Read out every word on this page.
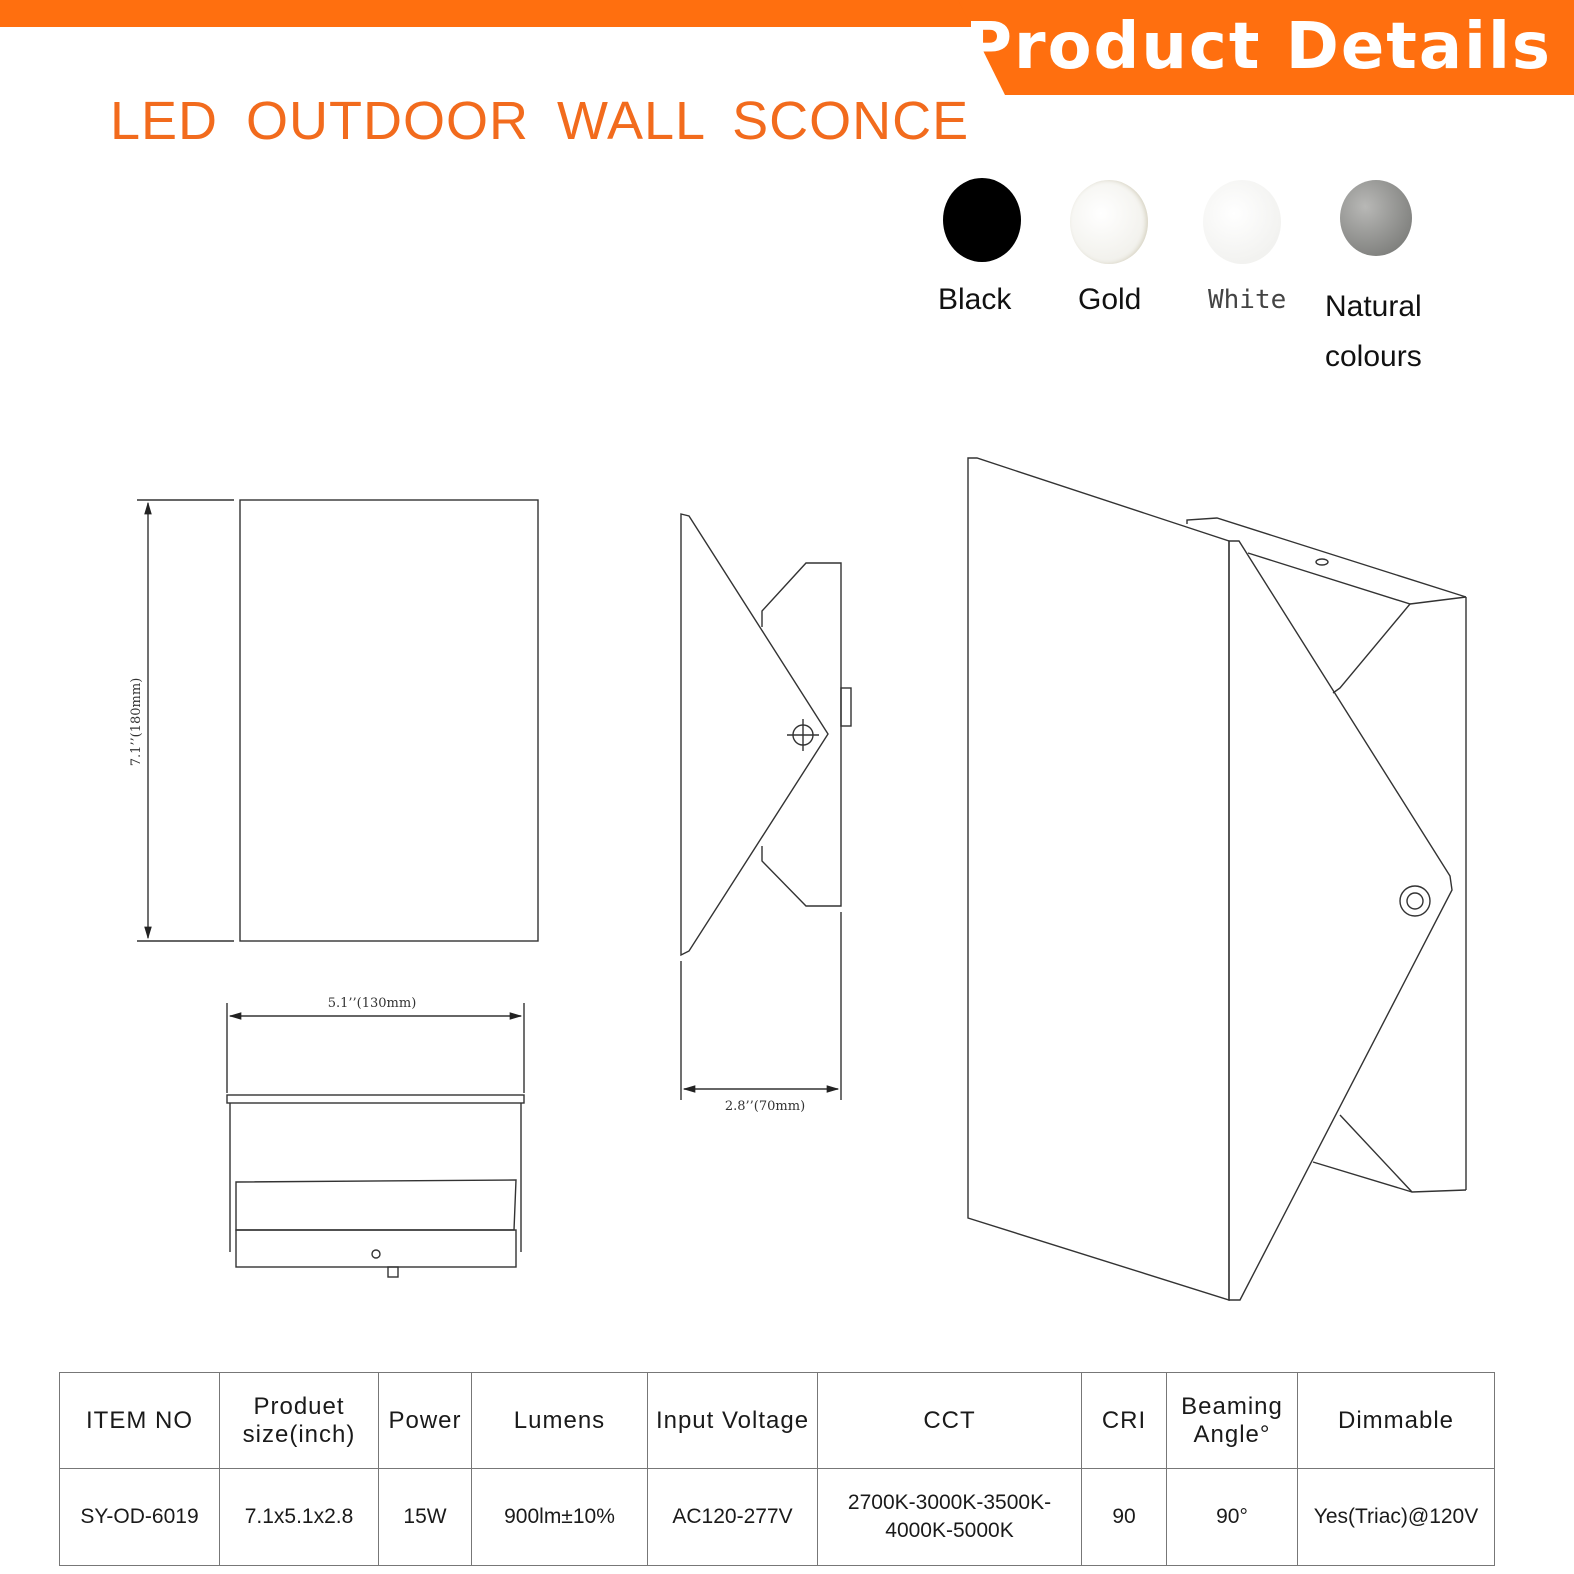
Product Details
LED OUTDOOR WALL SCONCE
Black Gold	White Natural colours
7.1’’(180mm)
5.1’’(130mm)
2.8’’(70mm)
ITEM NO	Produet size(inch)	Power	Lumens	Input Voltage	CCT	CRI	Beaming Angle°	Dimmable
SY-OD-6019	7.1x5.1x2.8	15W	900lm±10%	AC120-277V	2700K-3000K-3500K-4000K-5000K	90	90°	Yes(Triac)@120V
